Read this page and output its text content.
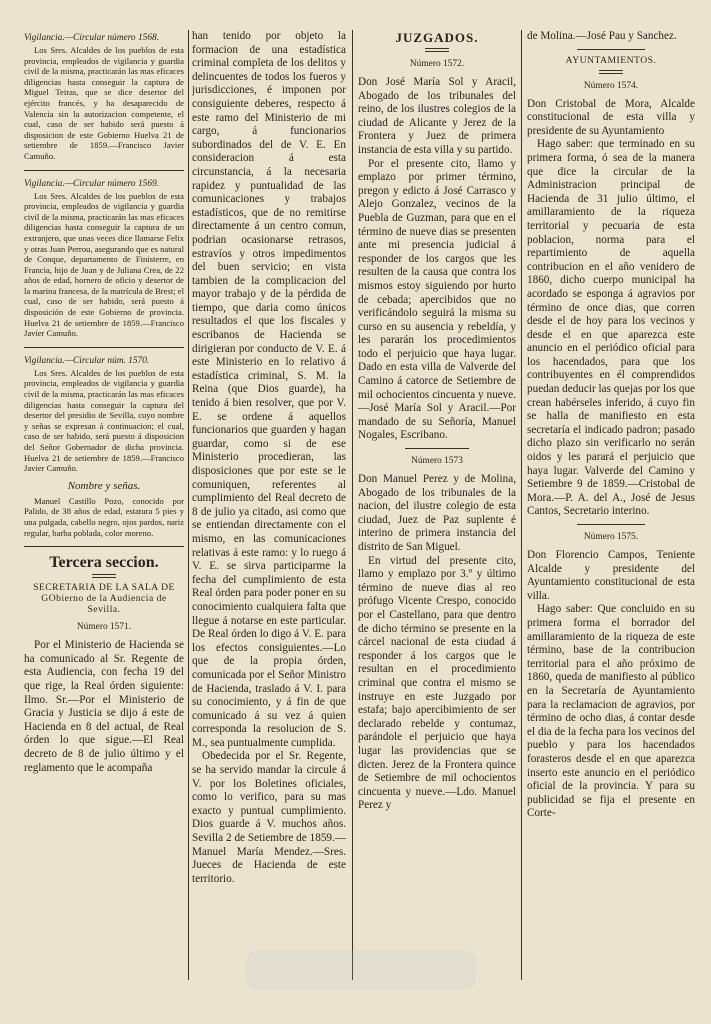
Vigilancia.—Circular número 1568.

Los Sres. Alcaldes de los pueblos de esta provincia, empleados de vigilancia y guardia civil de la misma, practicarán las mas eficaces diligencias hasta conseguir la captura de Miguel Teiras, que se dice desertor del ejército francés, y ha desaparecido de Valencia sin la autorizacion competente, el cual, caso de ser habido será puesto á disposicion de este Gobierno Huelva 21 de setiembre de 1859.—Francisco Javier Camuño.

Vigilancia.—Circular número 1569.

Los Sres. Alcaldes de los pueblos de esta provincia, empleados de vigilancia y guardia civil de la misma, practicarán las mas eficaces diligencias hasta conseguir la captura de un extranjero, que unas veces dice llamarse Felix y otras Juan Perrou, asegurando que es natural de Conque, departamento de Finisterre, en Francia, hijo de Juan y de Juliana Crea, de 22 años de edad, hornero de oficio y desertor de la marina francesa, de la matrícula de Brest; el cual, caso de ser habido, será puesto á disposición de este Gobierno de provincia. Huelva 21 de setiembre de 1859.—Francisco Javier Camuño.

Vigilancia.—Circular núm. 1570.

Los Sres. Alcaldes de los pueblos de esta provincia, empleados de vigilancia y guardia civil de la misma, practicarán las mas eficaces diligencias hasta conseguir la captura del desertor del presidio de Sevilla, cuyo nombre y señas se expresan á continuacion; el cual, caso de ser habido, será puesto á disposicion del Señor Gobernador de dicha provincia. Huelva 21 de setiembre de 1859.—Francisco Javier Camuño.

Nombre y señas.

Manuel Castillo Pozo, conocido por Palido, de 38 años de edad, estatura 5 pies y una pulgada, cabello negro, ojos pardos, nariz regular, barba poblada, color moreno.

Tercera seccion.

SECRETARIA DE LA SALA DE GObierno de la Audiencia de Sevilla.

Número 1571.

Por el Ministerio de Hacienda se ha comunicado al Sr. Regente de esta Audiencia, con fecha 19 del que rige, la Real órden siguiente: Ilmo. Sr.—Por el Ministerio de Gracia y Justicia se dijo á este de Hacienda en 8 del actual, de Real órden lo que sigue.—El Real decreto de 8 de julio último y el reglamento que le acompaña

han tenido por objeto la formacion de una estadística criminal completa de los delitos y delincuentes de todos los fueros y jurisdicciones, é imponen por consiguiente deberes, respecto á este ramo del Ministerio de mi cargo, á funcionarios subordinados del de V. E. En consideracion á esta circunstancia, á la necesaria rapidez y puntualidad de las comunicaciones y trabajos estadísticos, que de no remitirse directamente á un centro comun, podrian ocasionarse retrasos, estravíos y otros impedimentos del buen servicio; en vista tambien de la complicacion del mayor trabajo y de la pérdida de tiempo, que daria como únicos resultados el que los fiscales y escribanos de Hacienda se dirigieran por conducto de V. E. á este Ministerio en lo relativo á estadística criminal, S. M. la Reina (que Dios guarde), ha tenido á bien resolver, que por V. E. se ordene á aquellos funcionarios que guarden y hagan guardar, como si de ese Ministerio procedieran, las disposiciones que por este se le comuniquen, referentes al cumplimiento del Real decreto de 8 de julio ya citado, asi como que se entiendan directamente con el mismo, en las comunicaciones relativas á este ramo: y lo ruego á V. E. se sirva participarme la fecha del cumplimiento de esta Real órden para poder poner en su conocimiento cualquiera falta que llegue á notarse en este particular. De Real órden lo digo á V. E. para los efectos consiguientes.—Lo que de la propia órden, comunicada por el Señor Ministro de Hacienda, traslado á V. I. para su conocimiento, y á fin de que comunicado á su vez á quien corresponda la resolucion de S. M., sea puntualmente cumplida.

Obedecida por el Sr. Regente, se ha servido mandar la circule á V. por los Boletines oficiales, como lo verifico, para su mas exacto y puntual cumplimiento. Dios guarde á V. muchos años. Sevilla 2 de Setiembre de 1859.—Manuel María Mendez.—Sres. Jueces de Hacienda de este territorio.

JUZGADOS.
Número 1572.

Don José María Sol y Aracil, Abogado de los tribunales del reino, de los ilustres colegios de la ciudad de Alicante y Jerez de la Frontera y Juez de primera instancia de esta villa y su partido.

Por el presente cito, llamo y emplazo por primer término, pregon y edicto á José Carrasco y Alejo Gonzalez, vecinos de la Puebla de Guzman, para que en el término de nueve dias se presenten ante mi presencia judicial á responder de los cargos que les resulten de la causa que contra los mismos estoy siguiendo por hurto de cebada; apercibidos que no verificándolo seguirá la misma su curso en su ausencia y rebeldía, y les pararán los procedimientos todo el perjuicio que haya lugar. Dado en esta villa de Valverde del Camino á catorce de Setiembre de mil ochocientos cincuenta y nueve.—José María Sol y Aracil.—Por mandado de su Señoría, Manuel Nogales, Escribano.

Número 1573

Don Manuel Perez y de Molina, Abogado de los tribunales de la nacion, del ilustre colegio de esta ciudad, Juez de Paz suplente é interino de primera instancia del distrito de San Miguel.

En virtud del presente cito, llamo y emplazo por 3.º y último término de nueve dias al reo prófugo Vicente Crespo, conocido por el Castellano, para que dentro de dicho término se presente en la cárcel nacional de esta ciudad á responder á los cargos que le resultan en el procedimiento criminal que contra el mismo se instruye en este Juzgado por estafa; bajo apercibimiento de ser declarado rebelde y contumaz, parándole el perjuicio que haya lugar las providencias que se dicten. Jerez de la Frontera quince de Setiembre de mil ochocientos cincuenta y nueve.—Ldo. Manuel Perez y

de Molina.—José Pau y Sanchez.

AYUNTAMIENTOS.
Número 1574.

Don Cristobal de Mora, Alcalde constitucional de esta villa y presidente de su Ayuntamiento

Hago saber: que terminado en su primera forma, ó sea de la manera que dice la circular de la Administracion principal de Hacienda de 31 julio último, el amillaramiento de la riqueza territorial y pecuaria de esta poblacion, norma para el repartimiento de aquella contribucion en el año venidero de 1860, dicho cuerpo municipal ha acordado se esponga á agravios por término de once dias, que corren desde el de hoy para los vecinos y desde el en que aparezca este anuncio en el periódico oficial para los hacendados, para que los contribuyentes en él comprendidos puedan deducir las quejas por los que crean habérseles inferido, á cuyo fin se halla de manifiesto en esta secretaría el indicado padron; pasado dicho plazo sin verificarlo no serán oidos y les parará el perjuicio que haya lugar. Valverde del Camino y Setiembre 9 de 1859.—Cristobal de Mora.—P. A. del A., José de Jesus Cantos, Secretario interino.

Número 1575.

Don Florencio Campos, Teniente Alcalde y presidente del Ayuntamiento constitucional de esta villa.

Hago saber: Que concluido en su primera forma el borrador del amillaramiento de la riqueza de este término, base de la contribucion territorial para el año próximo de 1860, queda de manifiesto al público en la Secretaría de Ayuntamiento para la reclamacion de agravios, por término de ocho dias, á contar desde el dia de la fecha para los vecinos del pueblo y para los hacendados forasteros desde el en que aparezca inserto este anuncio en el periódico oficial de la provincia. Y para su publicidad se fija el presente en Corte-
